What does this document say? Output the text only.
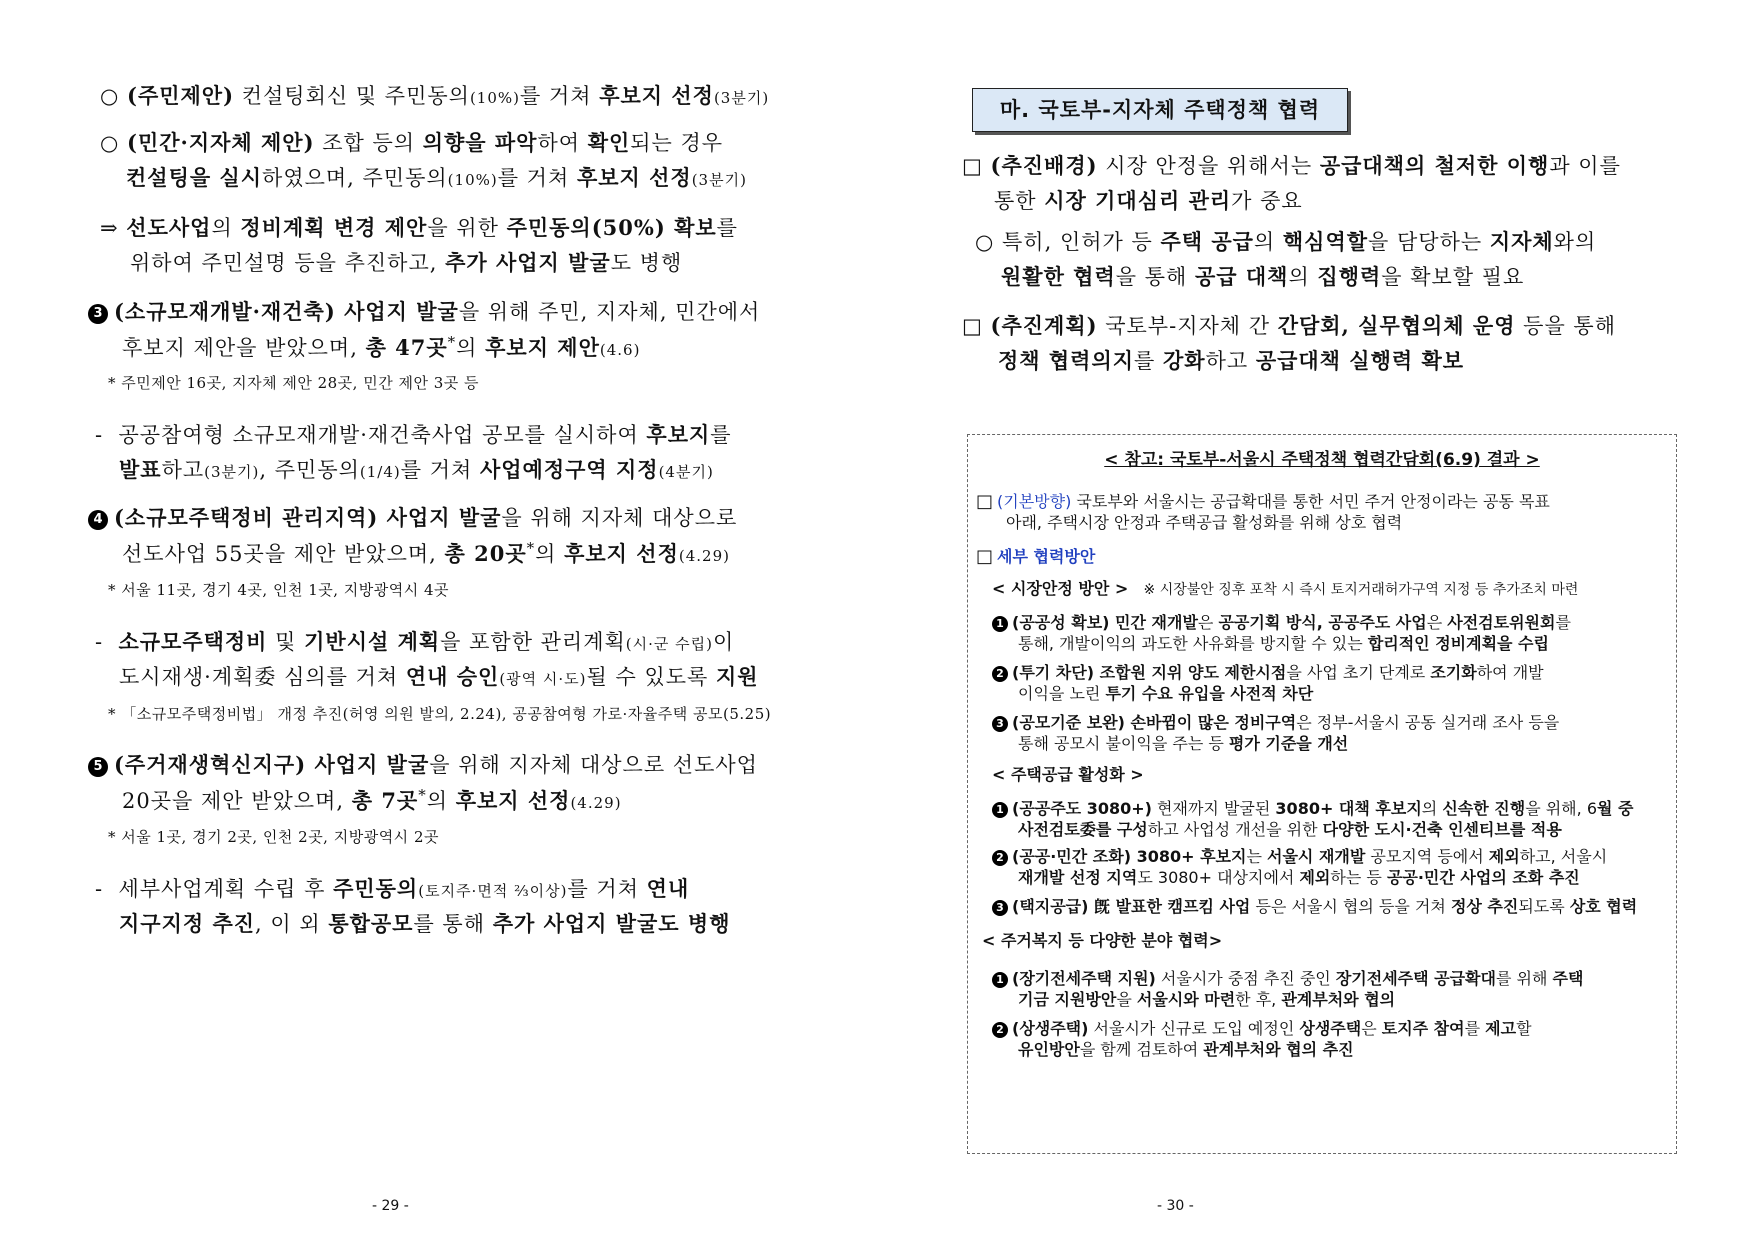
○ (주민제안) 컨설팅회신 및 주민동의(10%)를 거쳐 후보지 선정(3분기)
○ (민간·지자체 제안) 조합 등의 의향을 파악하여 확인되는 경우
컨설팅을 실시하였으며, 주민동의(10%)를 거쳐 후보지 선정(3분기)
⇒ 선도사업의 정비계획 변경 제안을 위한 주민동의(50%) 확보를
위하여 주민설명 등을 추진하고, 추가 사업지 발굴도 병행
3 (소규모재개발·재건축) 사업지 발굴을 위해 주민, 지자체, 민간에서
후보지 제안을 받았으며, 총 47곳*의 후보지 제안(4.6)
* 주민제안 16곳, 지자체 제안 28곳, 민간 제안 3곳 등
- 공공참여형 소규모재개발·재건축사업 공모를 실시하여 후보지를
발표하고(3분기), 주민동의(1/4)를 거쳐 사업예정구역 지정(4분기)
4 (소규모주택정비 관리지역) 사업지 발굴을 위해 지자체 대상으로
선도사업 55곳을 제안 받았으며, 총 20곳*의 후보지 선정(4.29)
* 서울 11곳, 경기 4곳, 인천 1곳, 지방광역시 4곳
- 소규모주택정비 및 기반시설 계획을 포함한 관리계획(시·군 수립)이
도시재생·계획委 심의를 거쳐 연내 승인(광역 시·도)될 수 있도록 지원
* 「소규모주택정비법」 개정 추진(허영 의원 발의, 2.24), 공공참여형 가로·자율주택 공모(5.25)
5 (주거재생혁신지구) 사업지 발굴을 위해 지자체 대상으로 선도사업
20곳을 제안 받았으며, 총 7곳*의 후보지 선정(4.29)
* 서울 1곳, 경기 2곳, 인천 2곳, 지방광역시 2곳
- 세부사업계획 수립 후 주민동의(토지주·면적 ⅔이상)를 거쳐 연내
지구지정 추진, 이 외 통합공모를 통해 추가 사업지 발굴도 병행
- 29 -
마. 국토부-지자체 주택정책 협력
□ (추진배경) 시장 안정을 위해서는 공급대책의 철저한 이행과 이를
통한 시장 기대심리 관리가 중요
○ 특히, 인허가 등 주택 공급의 핵심역할을 담당하는 지자체와의
원활한 협력을 통해 공급 대책의 집행력을 확보할 필요
□ (추진계획) 국토부-지자체 간 간담회, 실무협의체 운영 등을 통해
정책 협력의지를 강화하고 공급대책 실행력 확보
< 참고: 국토부-서울시 주택정책 협력간담회(6.9) 결과 >
□ (기본방향) 국토부와 서울시는 공급확대를 통한 서민 주거 안정이라는 공동 목표
아래, 주택시장 안정과 주택공급 활성화를 위해 상호 협력
□ 세부 협력방안
< 시장안정 방안 > ※ 시장불안 징후 포착 시 즉시 토지거래허가구역 지정 등 추가조치 마련
1 (공공성 확보) 민간 재개발은 공공기획 방식, 공공주도 사업은 사전검토위원회를
통해, 개발이익의 과도한 사유화를 방지할 수 있는 합리적인 정비계획을 수립
2 (투기 차단) 조합원 지위 양도 제한시점을 사업 초기 단계로 조기화하여 개발
이익을 노린 투기 수요 유입을 사전적 차단
3 (공모기준 보완) 손바뀜이 많은 정비구역은 정부-서울시 공동 실거래 조사 등을
통해 공모시 불이익을 주는 등 평가 기준을 개선
< 주택공급 활성화 >
1 (공공주도 3080+) 현재까지 발굴된 3080+ 대책 후보지의 신속한 진행을 위해, 6월 중
사전검토委를 구성하고 사업성 개선을 위한 다양한 도시·건축 인센티브를 적용
2 (공공·민간 조화) 3080+ 후보지는 서울시 재개발 공모지역 등에서 제외하고, 서울시
재개발 선정 지역도 3080+ 대상지에서 제외하는 등 공공·민간 사업의 조화 추진
3 (택지공급) 旣 발표한 캠프킴 사업 등은 서울시 협의 등을 거쳐 정상 추진되도록 상호 협력
< 주거복지 등 다양한 분야 협력>
1 (장기전세주택 지원) 서울시가 중점 추진 중인 장기전세주택 공급확대를 위해 주택
기금 지원방안을 서울시와 마련한 후, 관계부처와 협의
2 (상생주택) 서울시가 신규로 도입 예정인 상생주택은 토지주 참여를 제고할
유인방안을 함께 검토하여 관계부처와 협의 추진
- 30 -
